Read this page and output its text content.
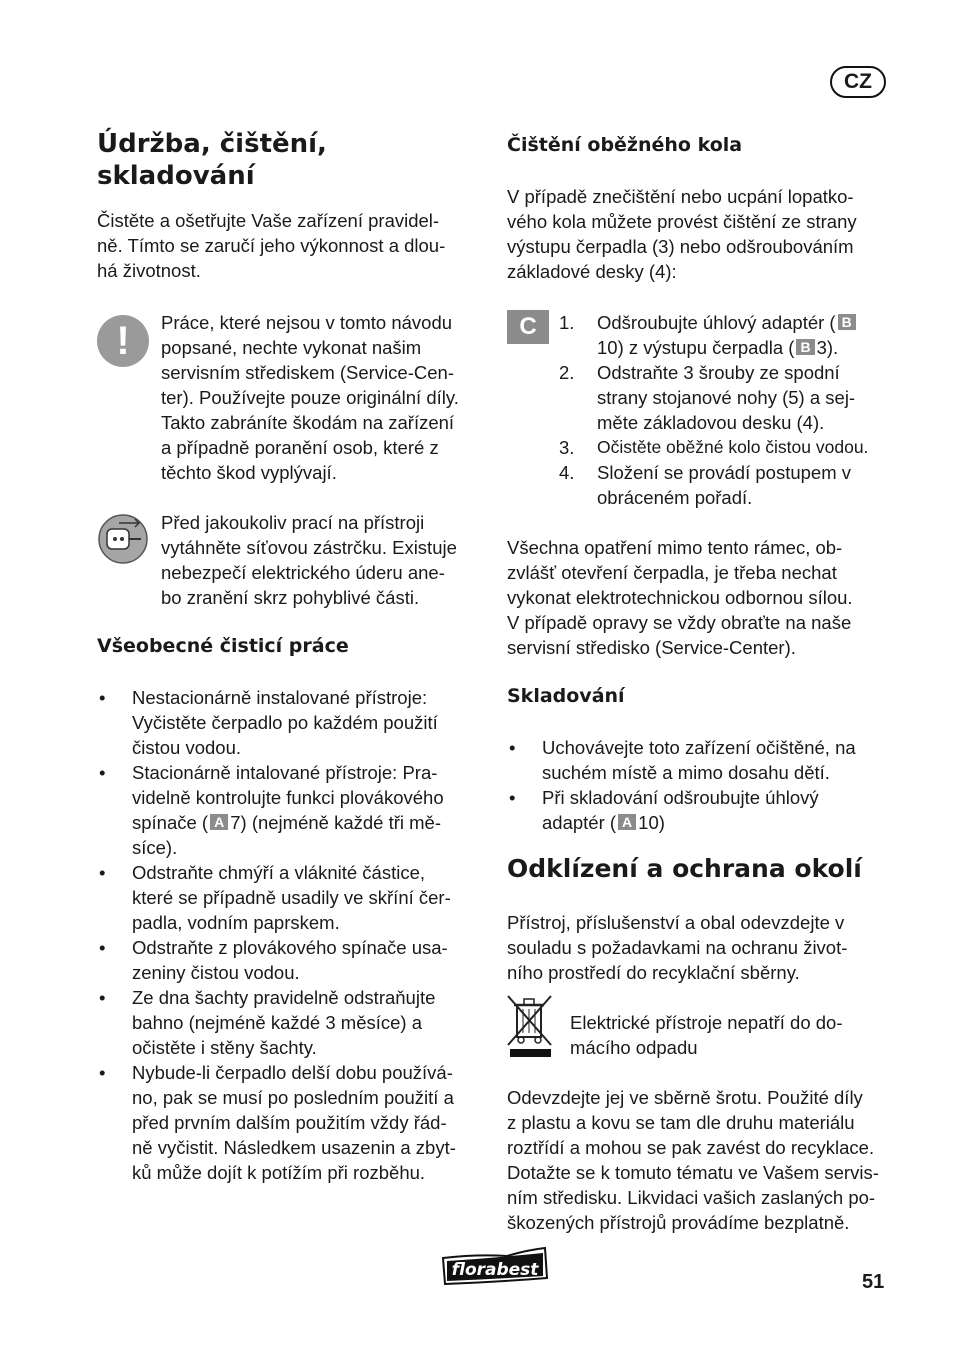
CZ
Údržba, čištění, skladování

Čistěte a ošetřujte Vaše zařízení pravidel-

ně. Tímto se zaručí jeho výkonnost a dlou-

há životnost.

!	Práce, které nejsou v tomto návodu

popsané, nechte vykonat našim

servisním střediskem (Service-Cen-

ter). Používejte pouze originální díly.

Takto zabráníte škodám na zařízení

a případně poranění osob, které z

těchto škod vyplývají.

Před jakoukoliv prací na přístroji

vytáhněte síťovou zástrčku. Existuje

nebezpečí elektrického úderu ane-

bo zranění skrz pohyblivé části.

Všeobecné čisticí práce
• Nestacionárně instalované přístroje:
Vyčistěte čerpadlo po každém použití
čistou vodou.
• Stacionárně intalované přístroje: Pra-
videlně kontrolujte funkci plovákového
spínače ( A 7) (nejméně každé tři mě-
síce).
• Odstraňte chmýří a vláknité částice,
které se případně usadily ve skříní čer-
padla, vodním paprskem.
• Odstraňte z plovákového spínače usa-
zeniny čistou vodou.
• Ze dna šachty pravidelně odstraňujte
bahno (nejméně každé 3 měsíce) a
očistěte i stěny šachty.
• Nybude-li čerpadlo delší dobu používá-
no, pak se musí po posledním použití a
před prvním dalším použitím vždy řád-
ně vyčistit. Následkem usazenin a zbyt-
ků může dojít k potížím při rozběhu.
Čištění oběžného kola

V případě znečištění nebo ucpání lopatko-

vého kola můžete provést čištění ze strany

výstupu čerpadla (3) nebo odšroubováním

základové desky (4):

C	1. Odšroubujte úhlový adaptér ( B
10) z výstupu čerpadla ( B 3).
2. Odstraňte 3 šrouby ze spodní
strany stojanové nohy (5) a sej-
měte základovou desku (4).
3. Očistěte oběžné kolo čistou vodou.
4. Složení se provádí postupem v
obráceném pořadí.

Všechna opatření mimo tento rámec, ob-

zvlášť otevření čerpadla, je třeba nechat

vykonat elektrotechnickou odbornou sílou.

V případě opravy se vždy obraťte na naše

servisní středisko (Service-Center).

Skladování
• Uchovávejte toto zařízení očištěné, na
suchém místě a mimo dosahu dětí.
• Při skladování odšroubujte úhlový
adaptér ( A 10)
Odklízení a ochrana okolí

Přístroj, příslušenství a obal odevzdejte v

souladu s požadavkami na ochranu život-

ního prostředí do recyklační sběrny.

Elektrické přístroje nepatří do do-

mácího odpadu

Odevzdejte jej ve sběrně šrotu. Použité díly

z plastu a kovu se tam dle druhu materiálu

roztřídí a mohou se pak zavést do recyklace.

Dotažte se k tomuto tématu ve Vašem servis-

ním středisku. Likvidaci vašich zaslaných po-

škozených přístrojů provádíme bezplatně.

florabest
51
